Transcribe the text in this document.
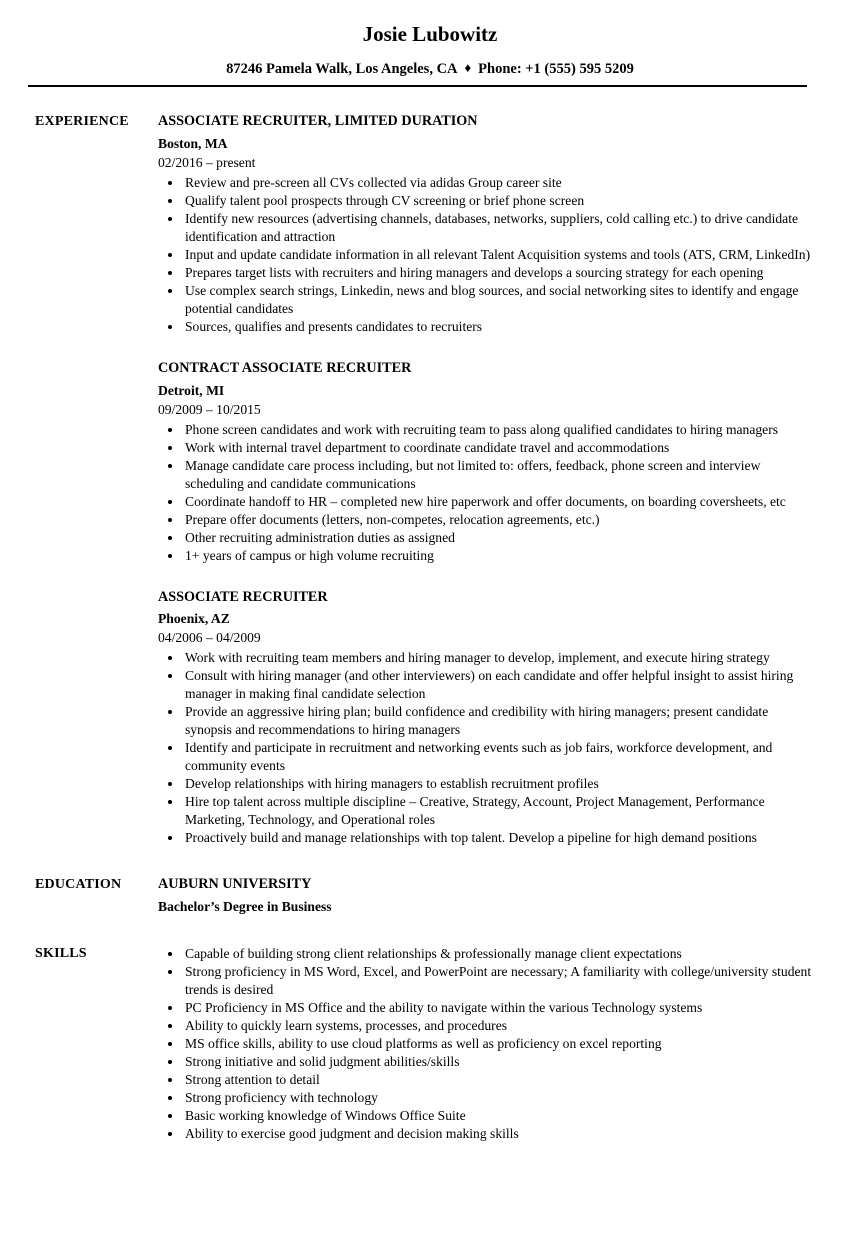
Josie Lubowitz
87246 Pamela Walk, Los Angeles, CA ♦ Phone: +1 (555) 595 5209
EXPERIENCE	ASSOCIATE RECRUITER, LIMITED DURATION
Boston, MA
02/2016 – present
• Review and pre-screen all CVs collected via adidas Group career site
• Qualify talent pool prospects through CV screening or brief phone screen
• Identify new resources (advertising channels, databases, networks, suppliers, cold calling etc.) to drive candidate identification and attraction
• Input and update candidate information in all relevant Talent Acquisition systems and tools (ATS, CRM, LinkedIn)
• Prepares target lists with recruiters and hiring managers and develops a sourcing strategy for each opening
• Use complex search strings, Linkedin, news and blog sources, and social networking sites to identify and engage potential candidates
• Sources, qualifies and presents candidates to recruiters
CONTRACT ASSOCIATE RECRUITER
Detroit, MI
09/2009 – 10/2015
• Phone screen candidates and work with recruiting team to pass along qualified candidates to hiring managers
• Work with internal travel department to coordinate candidate travel and accommodations
• Manage candidate care process including, but not limited to: offers, feedback, phone screen and interview scheduling and candidate communications
• Coordinate handoff to HR – completed new hire paperwork and offer documents, on boarding coversheets, etc
• Prepare offer documents (letters, non-competes, relocation agreements, etc.)
• Other recruiting administration duties as assigned
• 1+ years of campus or high volume recruiting
ASSOCIATE RECRUITER
Phoenix, AZ
04/2006 – 04/2009
• Work with recruiting team members and hiring manager to develop, implement, and execute hiring strategy
• Consult with hiring manager (and other interviewers) on each candidate and offer helpful insight to assist hiring manager in making final candidate selection
• Provide an aggressive hiring plan; build confidence and credibility with hiring managers; present candidate synopsis and recommendations to hiring managers
• Identify and participate in recruitment and networking events such as job fairs, workforce development, and community events
• Develop relationships with hiring managers to establish recruitment profiles
• Hire top talent across multiple discipline – Creative, Strategy, Account, Project Management, Performance Marketing, Technology, and Operational roles
• Proactively build and manage relationships with top talent. Develop a pipeline for high demand positions
EDUCATION	AUBURN UNIVERSITY
Bachelor’s Degree in Business
SKILLS	• Capable of building strong client relationships & professionally manage client expectations
• Strong proficiency in MS Word, Excel, and PowerPoint are necessary; A familiarity with college/university student trends is desired
• PC Proficiency in MS Office and the ability to navigate within the various Technology systems
• Ability to quickly learn systems, processes, and procedures
• MS office skills, ability to use cloud platforms as well as proficiency on excel reporting
• Strong initiative and solid judgment abilities/skills
• Strong attention to detail
• Strong proficiency with technology
• Basic working knowledge of Windows Office Suite
• Ability to exercise good judgment and decision making skills
